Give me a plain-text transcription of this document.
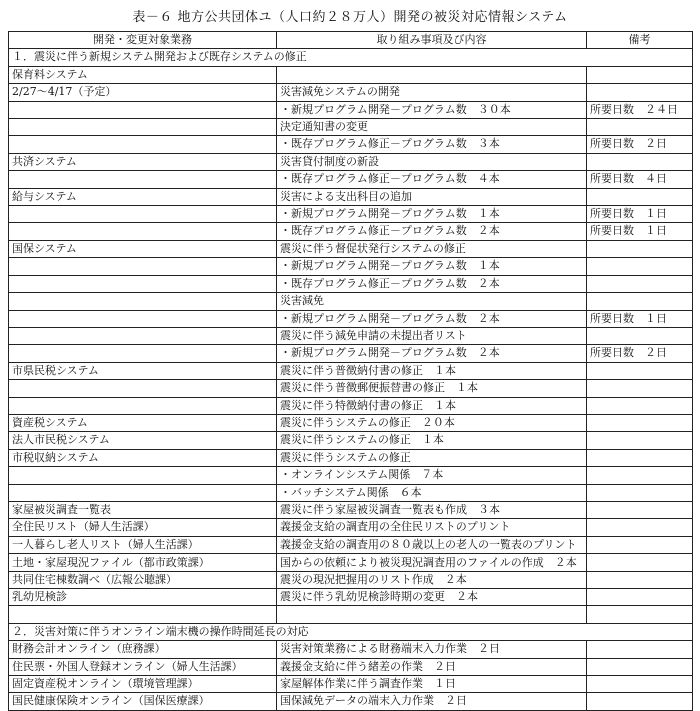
表－６ 地方公共団体ユ（人口約２８万人）開発の被災対応情報システム
開発・変更対象業務	取り組み事項及び内容	備考
１．震災に伴う新規システム開発および既存システムの修正		
保育料システム		
2/27～4/17（予定）	災害減免システムの開発	
	・新規プログラム開発－プログラム数　３０本	所要日数　２４日
	決定通知書の変更	
	・既存プログラム修正－プログラム数　３本	所要日数　２日
共済システム	災害貸付制度の新設	
	・既存プログラム修正－プログラム数　４本	所要日数　４日
給与システム	災害による支出科目の追加	
	・新規プログラム開発－プログラム数　１本	所要日数　１日
	・既存プログラム修正－プログラム数　２本	所要日数　１日
国保システム	震災に伴う督促状発行システムの修正	
	・新規プログラム開発－プログラム数　１本	
	・既存プログラム修正－プログラム数　２本	
	災害減免	
	・新規プログラム開発－プログラム数　２本	所要日数　１日
	震災に伴う減免申請の未提出者リスト	
	・新規プログラム開発－プログラム数　２本	所要日数　２日
市県民税システム	震災に伴う普徴納付書の修正　１本	
	震災に伴う普徴郵便振替書の修正　１本	
	震災に伴う特徴納付書の修正　１本	
資産税システム	震災に伴うシステムの修正　２０本	
法人市民税システム	震災に伴うシステムの修正　１本	
市税収納システム	震災に伴うシステムの修正	
	・オンラインシステム関係　７本	
	・バッチシステム関係　６本	
家屋被災調査一覧表	震災に伴う家屋被災調査一覧表も作成　３本	
全住民リスト（婦人生活課）	義援金支給の調査用の全住民リストのプリント	
一人暮らし老人リスト（婦人生活課）	義援金支給の調査用の８０歳以上の老人の一覧表のプリント	
土地・家屋現況ファイル（都市政策課）	国からの依頼により被災現況調査用のファイルの作成　２本	
共同住宅棟数調べ（広報公聴課）	震災の現況把握用のリスト作成　２本	
乳幼児検診	震災に伴う乳幼児検診時期の変更　２本	

２．災害対策に伴うオンライン端末機の操作時間延長の対応		
財務会計オンライン（庶務課）	災害対策業務による財務端末入力作業　２日	
住民票・外国人登録オンライン（婦人生活課）	義援金支給に伴う緒差の作業　２日	
固定資産税オンライン（環境管理課）	家屋解体作業に伴う調査作業　１日	
国民健康保険オンライン（国保医療課）	国保減免データの端末入力作業　２日	
